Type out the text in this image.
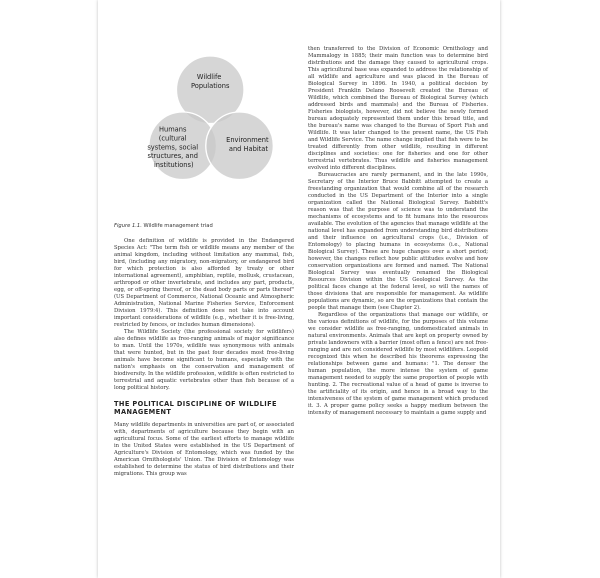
Wildlife Populations
Humans (cultural systems, social structures, and institutions)
Environment and Habitat
Figure 1.1. Wildlife management triad

One definition of wildlife is provided in the Endangered Species Act: "The term fish or wildlife means any member of the animal kingdom, including without limitation any mammal, fish, bird, (including any migratory, non-migratory, or endangered bird for which protection is also afforded by treaty or other international agreement), amphibian, reptile, mollusk, crustacean, arthropod or other invertebrate, and includes any part, products, egg, or off-spring thereof, or the dead body parts or parts thereof" (US Department of Commerce, National Oceanic and Atmospheric Administration, National Marine Fisheries Service, Enforcement Division 1979:4). This definition does not take into account important considerations of wildlife (e.g., whether it is free-living, restricted by fences, or includes human dimensions).

The Wildlife Society (the professional society for wildlifers) also defines wildlife as free-ranging animals of major significance to man. Until the 1970s, wildlife was synonymous with animals that were hunted, but in the past four decades most free-living animals have become significant to humans, especially with the nation's emphasis on the conservation and management of biodiversity. In the wildlife profession, wildlife is often restricted to terrestrial and aquatic vertebrates other than fish because of a long political history.

THE POLITICAL DISCIPLINE OF WILDLIFE MANAGEMENT

Many wildlife departments in universities are part of, or associated with, departments of agriculture because they begin with an agricultural focus. Some of the earliest efforts to manage wildlife in the United States were established in the US Department of Agriculture's Division of Entomology, which was funded by the American Ornithologists' Union. The Division of Entomology was established to determine the status of bird distributions and their migrations. This group was

then transferred to the Division of Economic Ornithology and Mammalogy in 1885; their main function was to determine bird distributions and the damage they caused to agricultural crops. This agricultural base was expanded to address the relationship of all wildlife and agriculture and was placed in the Bureau of Biological Survey in 1896. In 1940, a political decision by President Franklin Delano Roosevelt created the Bureau of Wildlife, which combined the Bureau of Biological Survey (which addressed birds and mammals) and the Bureau of Fisheries. Fisheries biologists, however, did not believe the newly formed bureau adequately represented them under this broad title, and the bureau's name was changed to the Bureau of Sport Fish and Wildlife. It was later changed to the present name, the US Fish and Wildlife Service. The name change implied that fish were to be treated differently from other wildlife, resulting in different disciplines and societies: one for fisheries and one for other terrestrial vertebrates. Thus wildlife and fisheries management evolved into different disciplines.

Bureaucracies are rarely permanent, and in the late 1990s, Secretary of the Interior Bruce Babbitt attempted to create a freestanding organization that would combine all of the research conducted in the US Department of the Interior into a single organization called the National Biological Survey. Babbitt's reason was that the purpose of science was to understand the mechanisms of ecosystems and to fit humans into the resources available. The evolution of the agencies that manage wildlife at the national level has expanded from understanding bird distributions and their influence on agricultural crops (i.e., Division of Entomology) to placing humans in ecosystems (i.e., National Biological Survey). These are huge changes over a short period; however, the changes reflect how public attitudes evolve and how conservation organizations are formed and named. The National Biological Survey was eventually renamed the Biological Resources Division within the US Geological Survey. As the political faces change at the federal level, so will the names of those divisions that are responsible for management. As wildlife populations are dynamic, so are the organizations that contain the people that manage them (see Chapter 2).

Regardless of the organizations that manage our wildlife, or the various definitions of wildlife, for the purposes of this volume we consider wildlife as free-ranging, undomesticated animals in natural environments. Animals that are kept on property owned by private landowners with a barrier (most often a fence) are not free-ranging and are not considered wildlife by most wildlifers. Leopold recognized this when he described his theorems expressing the relationships between game and humans: "1. The denser the human population, the more intense the system of game management needed to supply the same proportion of people with hunting. 2. The recreational value of a head of game is inverse to the artificiality of its origin, and hence in a broad way to the intensiveness of the system of game management which produced it. 3. A proper game policy seeks a happy medium between the intensity of management necessary to maintain a game supply and
